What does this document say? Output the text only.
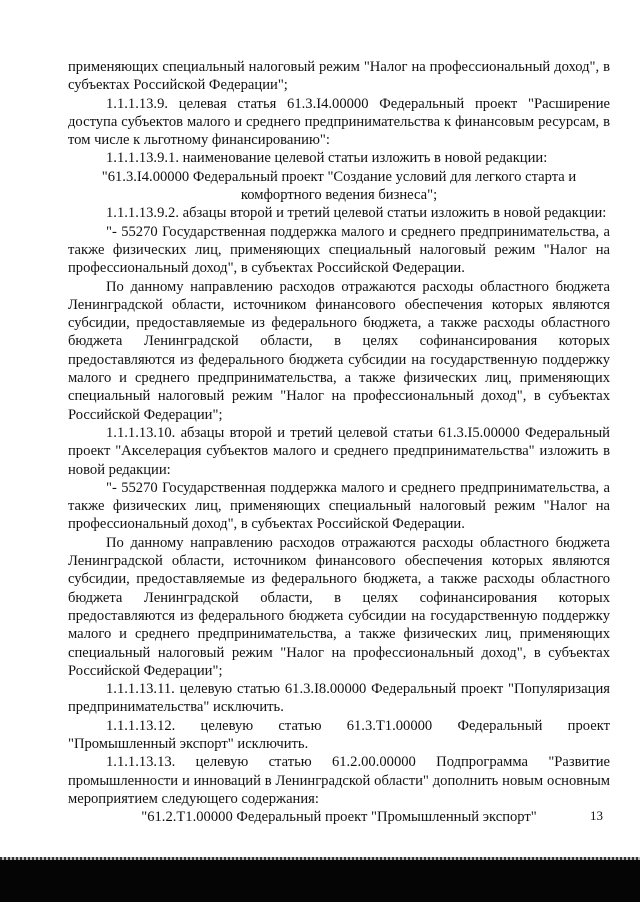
применяющих специальный налоговый режим "Налог на профессиональный доход", в субъектах Российской Федерации";

1.1.1.13.9. целевая статья 61.3.I4.00000 Федеральный проект "Расширение доступа субъектов малого и среднего предпринимательства к финансовым ресурсам, в том числе к льготному финансированию":

1.1.1.13.9.1. наименование целевой статьи изложить в новой редакции:

"61.3.I4.00000 Федеральный проект "Создание условий для легкого старта и комфортного ведения бизнеса";

1.1.1.13.9.2. абзацы второй и третий целевой статьи изложить в новой редакции:

"- 55270 Государственная поддержка малого и среднего предпринимательства, а также физических лиц, применяющих специальный налоговый режим "Налог на профессиональный доход", в субъектах Российской Федерации.

По данному направлению расходов отражаются расходы областного бюджета Ленинградской области, источником финансового обеспечения которых являются субсидии, предоставляемые из федерального бюджета, а также расходы областного бюджета Ленинградской области, в целях софинансирования которых предоставляются из федерального бюджета субсидии на государственную поддержку малого и среднего предпринимательства, а также физических лиц, применяющих специальный налоговый режим "Налог на профессиональный доход", в субъектах Российской Федерации";

1.1.1.13.10. абзацы второй и третий целевой статьи 61.3.I5.00000 Федеральный проект "Акселерация субъектов малого и среднего предпринимательства" изложить в новой редакции:

"- 55270 Государственная поддержка малого и среднего предпринимательства, а также физических лиц, применяющих специальный налоговый режим "Налог на профессиональный доход", в субъектах Российской Федерации.

По данному направлению расходов отражаются расходы областного бюджета Ленинградской области, источником финансового обеспечения которых являются субсидии, предоставляемые из федерального бюджета, а также расходы областного бюджета Ленинградской области, в целях софинансирования которых предоставляются из федерального бюджета субсидии на государственную поддержку малого и среднего предпринимательства, а также физических лиц, применяющих специальный налоговый режим "Налог на профессиональный доход", в субъектах Российской Федерации";

1.1.1.13.11. целевую статью 61.3.I8.00000 Федеральный проект "Популяризация предпринимательства" исключить.

1.1.1.13.12. целевую статью 61.3.T1.00000 Федеральный проект "Промышленный экспорт" исключить.

1.1.1.13.13. целевую статью 61.2.00.00000 Подпрограмма "Развитие промышленности и инноваций в Ленинградской области" дополнить новым основным мероприятием следующего содержания:

"61.2.T1.00000 Федеральный проект "Промышленный экспорт"	13
